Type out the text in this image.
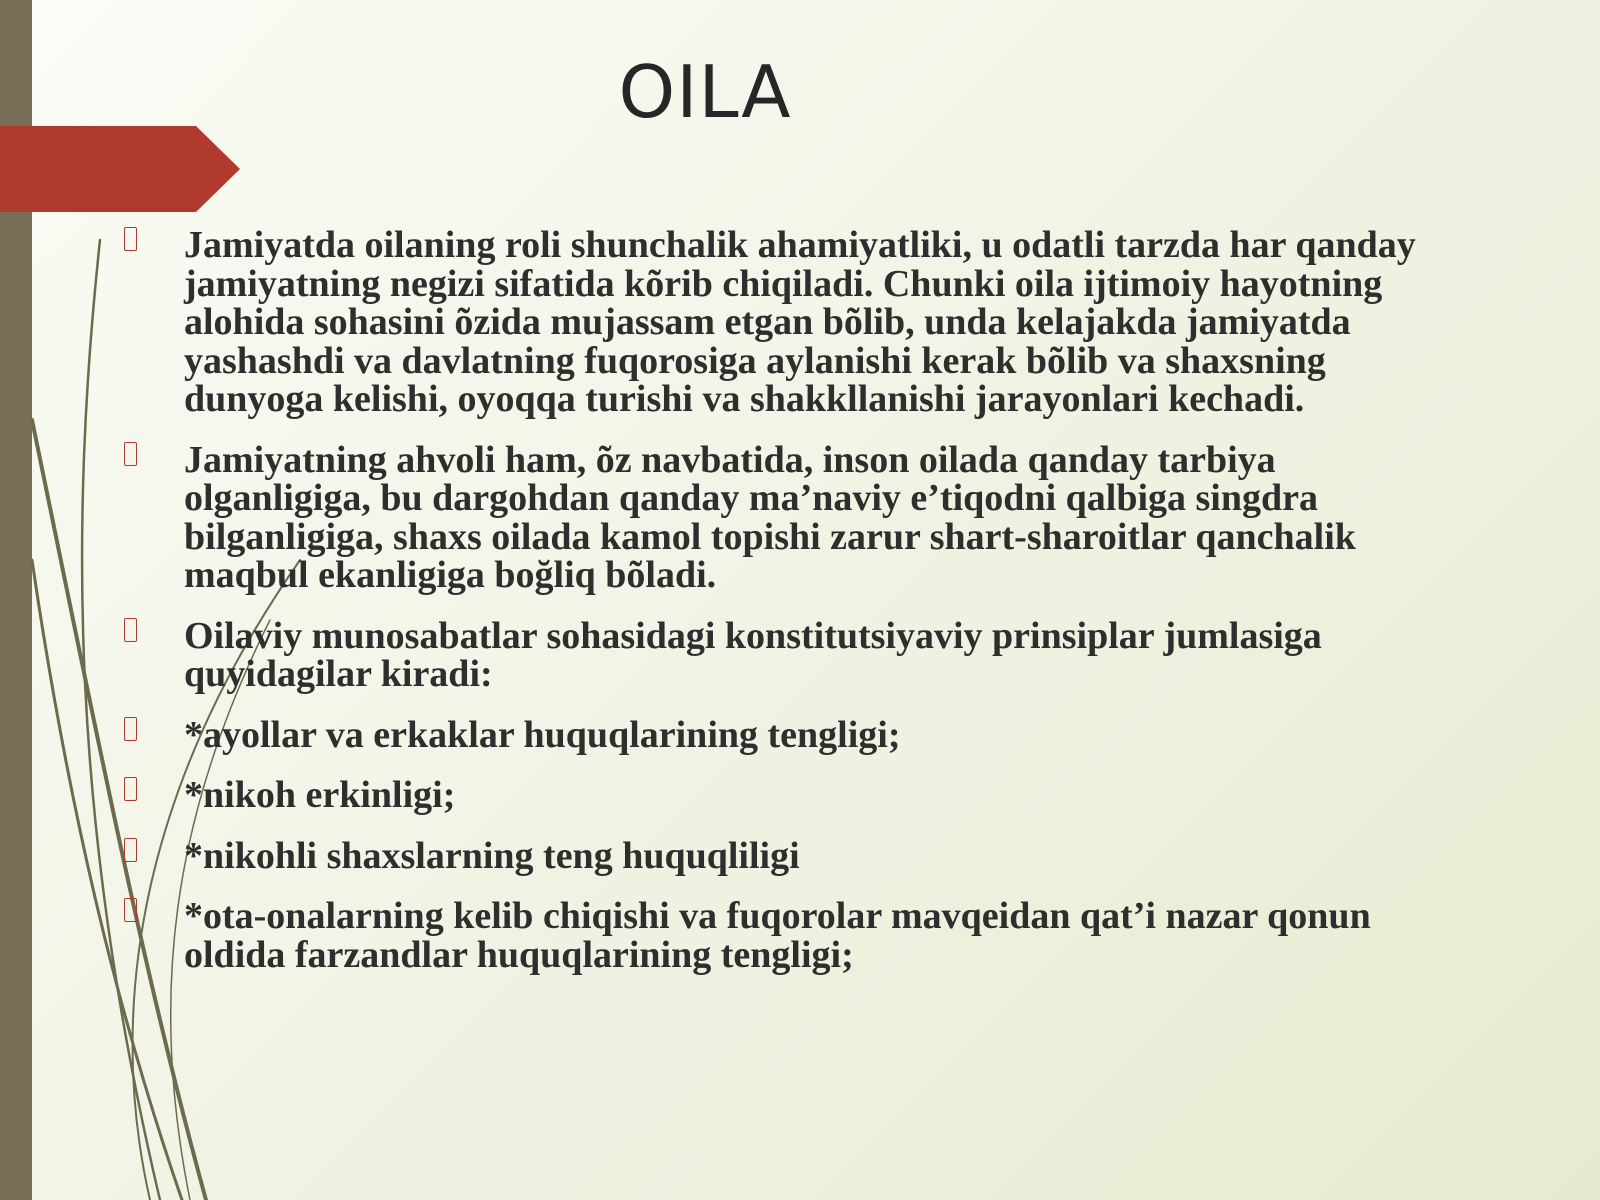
OILA
Jamiyatda oilaning roli shunchalik ahamiyatliki, u odatli tarzda har qanday jamiyatning negizi sifatida kõrib chiqiladi. Chunki oila ijtimoiy hayotning alohida sohasini õzida mujassam etgan bõlib, unda kelajakda jamiyatda yashashdi va davlatning fuqorosiga aylanishi kerak bõlib va shaxsning dunyoga kelishi, oyoqqa turishi va shakkllanishi jarayonlari kechadi.
Jamiyatning ahvoli ham, õz navbatida, inson oilada qanday tarbiya olganligiga, bu dargohdan qanday ma’naviy e’tiqodni qalbiga singdra bilganligiga, shaxs oilada kamol topishi zarur shart-sharoitlar qanchalik maqbul ekanligiga boğliq bõladi.
Oilaviy munosabatlar sohasidagi konstitutsiyaviy prinsiplar jumlasiga quyidagilar kiradi:
*ayollar va erkaklar huquqlarining tengligi;
*nikoh erkinligi;
*nikohli shaxslarning teng huquqliligi
*ota-onalarning kelib chiqishi va fuqorolar mavqeidan qat’i nazar qonun oldida farzandlar huquqlarining tengligi;
